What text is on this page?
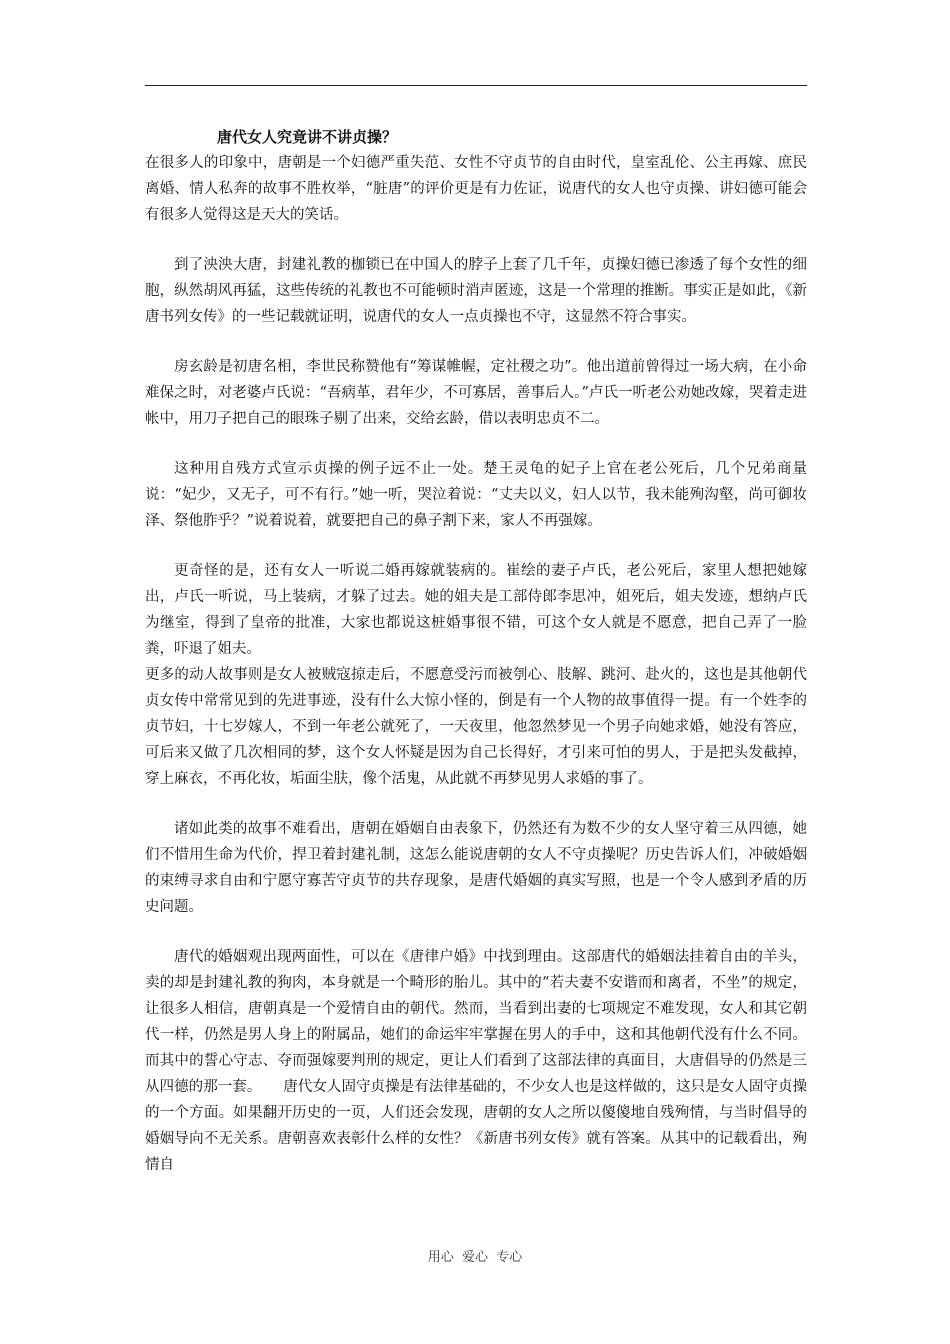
唐代女人究竟讲不讲贞操？

在很多人的印象中，唐朝是一个妇德严重失范、女性不守贞节的自由时代，皇室乱伦、公主再嫁、庶民离婚、情人私奔的故事不胜枚举，“脏唐”的评价更是有力佐证，说唐代的女人也守贞操、讲妇德可能会有很多人觉得这是天大的笑话。

到了泱泱大唐，封建礼教的枷锁已在中国人的脖子上套了几千年，贞操妇德已渗透了每个女性的细胞，纵然胡风再猛，这些传统的礼教也不可能顿时消声匿迹，这是一个常理的推断。事实正是如此，《新唐书列女传》的一些记载就证明，说唐代的女人一点贞操也不守，这显然不符合事实。

房玄龄是初唐名相，李世民称赞他有“筹谋帷幄，定社稷之功”。他出道前曾得过一场大病，在小命难保之时，对老婆卢氏说：“吾病革，君年少，不可寡居，善事后人。”卢氏一听老公劝她改嫁，哭着走进帐中，用刀子把自己的眼珠子剔了出来，交给玄龄，借以表明忠贞不二。

这种用自残方式宣示贞操的例子远不止一处。楚王灵龟的妃子上官在老公死后，几个兄弟商量说：“妃少，又无子，可不有行。”她一听，哭泣着说：“丈夫以义，妇人以节，我未能殉沟壑，尚可御妆泽、祭他胙乎？”说着说着，就要把自己的鼻子割下来，家人不再强嫁。

更奇怪的是，还有女人一听说二婚再嫁就装病的。崔绘的妻子卢氏，老公死后，家里人想把她嫁出，卢氏一听说，马上装病，才躲了过去。她的姐夫是工部侍郎李思冲，姐死后，姐夫发迹，想纳卢氏为继室，得到了皇帝的批准，大家也都说这桩婚事很不错，可这个女人就是不愿意，把自己弄了一脸粪，吓退了姐夫。

更多的动人故事则是女人被贼寇掠走后，不愿意受污而被刳心、肢解、跳河、赴火的，这也是其他朝代贞女传中常常见到的先进事迹，没有什么大惊小怪的，倒是有一个人物的故事值得一提。有一个姓李的贞节妇，十七岁嫁人，不到一年老公就死了，一天夜里，他忽然梦见一个男子向她求婚，她没有答应，可后来又做了几次相同的梦，这个女人怀疑是因为自己长得好，才引来可怕的男人，于是把头发截掉，穿上麻衣，不再化妆，垢面尘肤，像个活鬼，从此就不再梦见男人求婚的事了。

诸如此类的故事不难看出，唐朝在婚姻自由表象下，仍然还有为数不少的女人坚守着三从四德，她们不惜用生命为代价，捍卫着封建礼制，这怎么能说唐朝的女人不守贞操呢？历史告诉人们，冲破婚姻的束缚寻求自由和宁愿守寡苦守贞节的共存现象，是唐代婚姻的真实写照，也是一个令人感到矛盾的历史问题。

唐代的婚姻观出现两面性，可以在《唐律户婚》中找到理由。这部唐代的婚姻法挂着自由的羊头，卖的却是封建礼教的狗肉，本身就是一个畸形的胎儿。其中的“若夫妻不安谐而和离者，不坐”的规定，让很多人相信，唐朝真是一个爱情自由的朝代。然而，当看到出妻的七项规定不难发现，女人和其它朝代一样，仍然是男人身上的附属品，她们的命运牢牢掌握在男人的手中，这和其他朝代没有什么不同。而其中的誓心守志、夺而强嫁要判刑的规定，更让人们看到了这部法律的真面目，大唐倡导的仍然是三从四德的那一套。　　唐代女人固守贞操是有法律基础的，不少女人也是这样做的，这只是女人固守贞操的一个方面。如果翻开历史的一页，人们还会发现，唐朝的女人之所以傻傻地自残殉情，与当时倡导的婚姻导向不无关系。唐朝喜欢表彰什么样的女性？《新唐书列女传》就有答案。从其中的记载看出，殉情自

用心  爱心  专心
